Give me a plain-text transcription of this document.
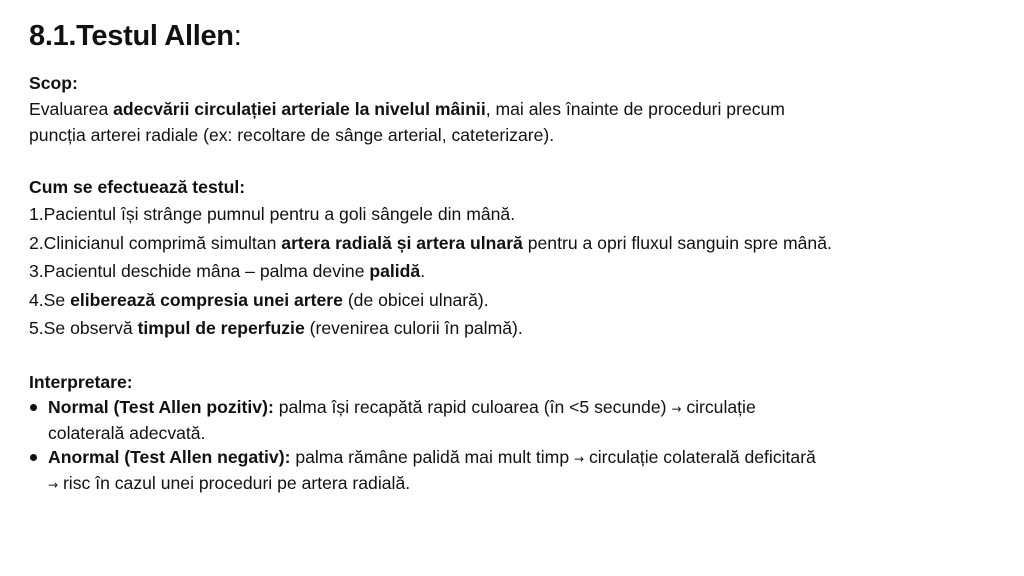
8.1.Testul Allen:
Scop:
Evaluarea adecvării circulației arteriale la nivelul mâinii, mai ales înainte de proceduri precum
puncția arterei radiale (ex: recoltare de sânge arterial, cateterizare).
Cum se efectuează testul:
1.Pacientul își strânge pumnul pentru a goli sângele din mână.
2.Clinicianul comprimă simultan artera radială și artera ulnară pentru a opri fluxul sanguin spre mână.
3.Pacientul deschide mâna – palma devine palidă.
4.Se eliberează compresia unei artere (de obicei ulnară).
5.Se observă timpul de reperfuzie (revenirea culorii în palmă).
Interpretare:
Normal (Test Allen pozitiv): palma își recapătă rapid culoarea (în <5 secunde) → circulație
colaterală adecvată.
Anormal (Test Allen negativ): palma rămâne palidă mai mult timp → circulație colaterală deficitară
→ risc în cazul unei proceduri pe artera radială.
